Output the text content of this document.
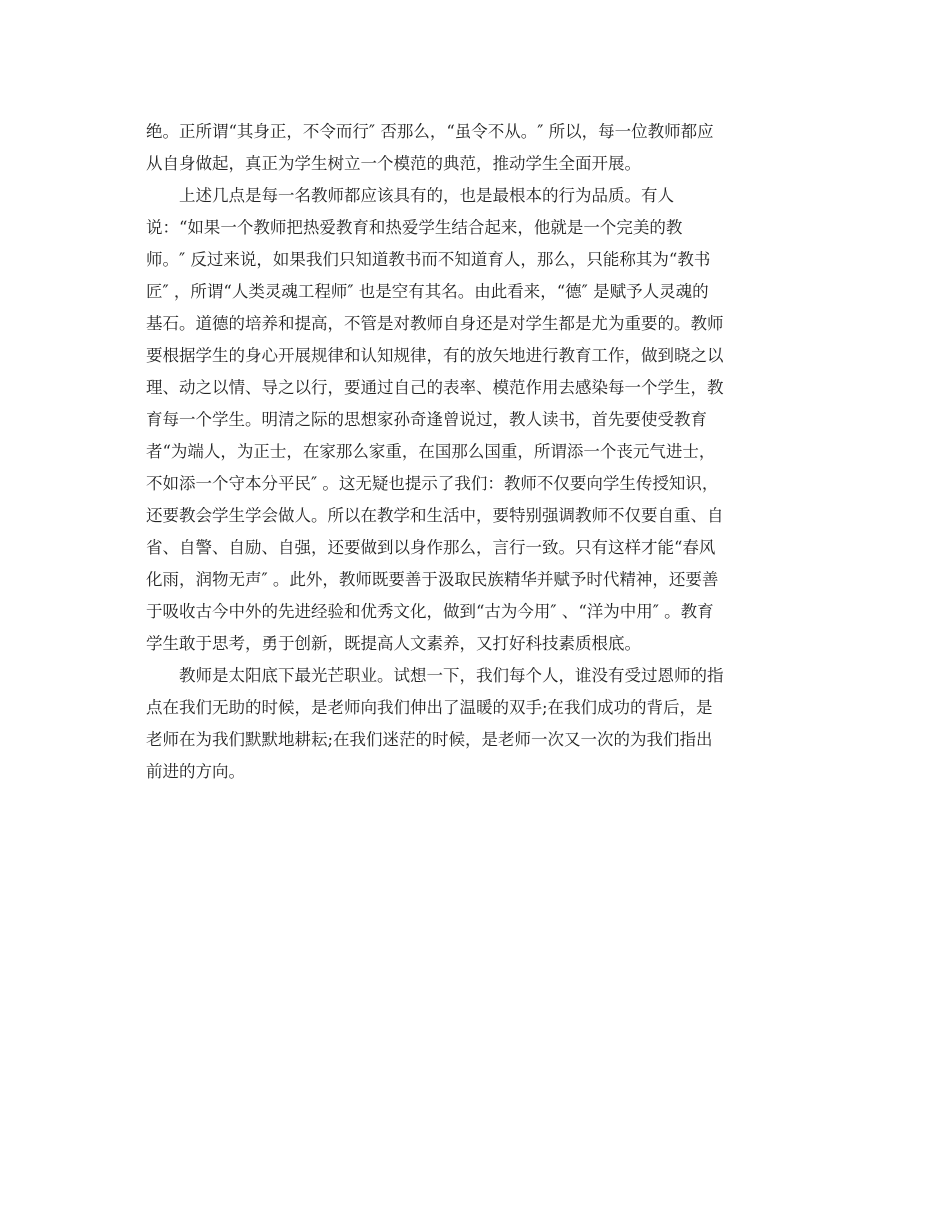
绝。正所谓“其身正，不令而行″ 否那么，“虽令不从。″ 所以，每一位教师都应
从自身做起，真正为学生树立一个模范的典范，推动学生全面开展。
　　上述几点是每一名教师都应该具有的，也是最根本的行为品质。有人
说：“如果一个教师把热爱教育和热爱学生结合起来，他就是一个完美的教
师。″ 反过来说，如果我们只知道教书而不知道育人，那么，只能称其为“教书
匠″ ，所谓“人类灵魂工程师″ 也是空有其名。由此看来，“德″ 是赋予人灵魂的
基石。道德的培养和提高，不管是对教师自身还是对学生都是尤为重要的。教师
要根据学生的身心开展规律和认知规律，有的放矢地进行教育工作，做到晓之以
理、动之以情、导之以行，要通过自己的表率、模范作用去感染每一个学生，教
育每一个学生。明清之际的思想家孙奇逢曾说过，教人读书，首先要使受教育
者“为端人，为正士，在家那么家重，在国那么国重，所谓添一个丧元气进士，
不如添一个守本分平民″ 。这无疑也提示了我们：教师不仅要向学生传授知识，
还要教会学生学会做人。所以在教学和生活中，要特别强调教师不仅要自重、自
省、自警、自励、自强，还要做到以身作那么，言行一致。只有这样才能“春风
化雨，润物无声″ 。此外，教师既要善于汲取民族精华并赋予时代精神，还要善
于吸收古今中外的先进经验和优秀文化，做到“古为今用″ 、“洋为中用″ 。教育
学生敢于思考，勇于创新，既提高人文素养，又打好科技素质根底。
　　教师是太阳底下最光芒职业。试想一下，我们每个人，谁没有受过恩师的指
点在我们无助的时候，是老师向我们伸出了温暖的双手;在我们成功的背后，是
老师在为我们默默地耕耘;在我们迷茫的时候，是老师一次又一次的为我们指出
前进的方向。
